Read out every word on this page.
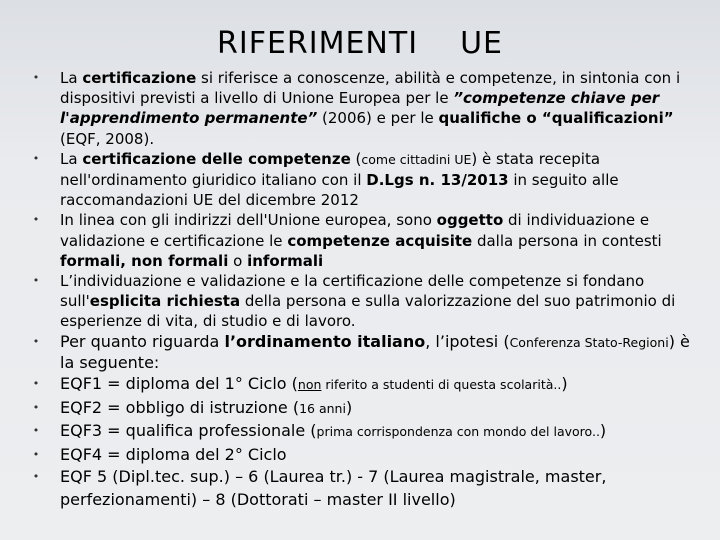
RIFERIMENTI UE
• La certificazione si riferisce a conoscenze, abilità e competenze, in sintonia con i dispositivi previsti a livello di Unione Europea per le ”competenze chiave per l'apprendimento permanente” (2006) e per le qualifiche o “qualificazioni” (EQF, 2008).
• La certificazione delle competenze (come cittadini UE) è stata recepita nell'ordinamento giuridico italiano con il D.Lgs n. 13/2013 in seguito alle raccomandazioni UE del dicembre 2012
• In linea con gli indirizzi dell'Unione europea, sono oggetto di individuazione e validazione e certificazione le competenze acquisite dalla persona in contesti formali, non formali o informali
• L’individuazione e validazione e la certificazione delle competenze si fondano sull'esplicita richiesta della persona e sulla valorizzazione del suo patrimonio di esperienze di vita, di studio e di lavoro.
• Per quanto riguarda l’ordinamento italiano, l’ipotesi (Conferenza Stato-Regioni) è la seguente:
• EQF1 = diploma del 1° Ciclo (non riferito a studenti di questa scolarità..)
• EQF2 = obbligo di istruzione (16 anni)
• EQF3 = qualifica professionale (prima corrispondenza con mondo del lavoro..)
• EQF4 = diploma del 2° Ciclo
• EQF 5 (Dipl.tec. sup.) – 6 (Laurea tr.) - 7 (Laurea magistrale, master, perfezionamenti) – 8 (Dottorati – master II livello)
